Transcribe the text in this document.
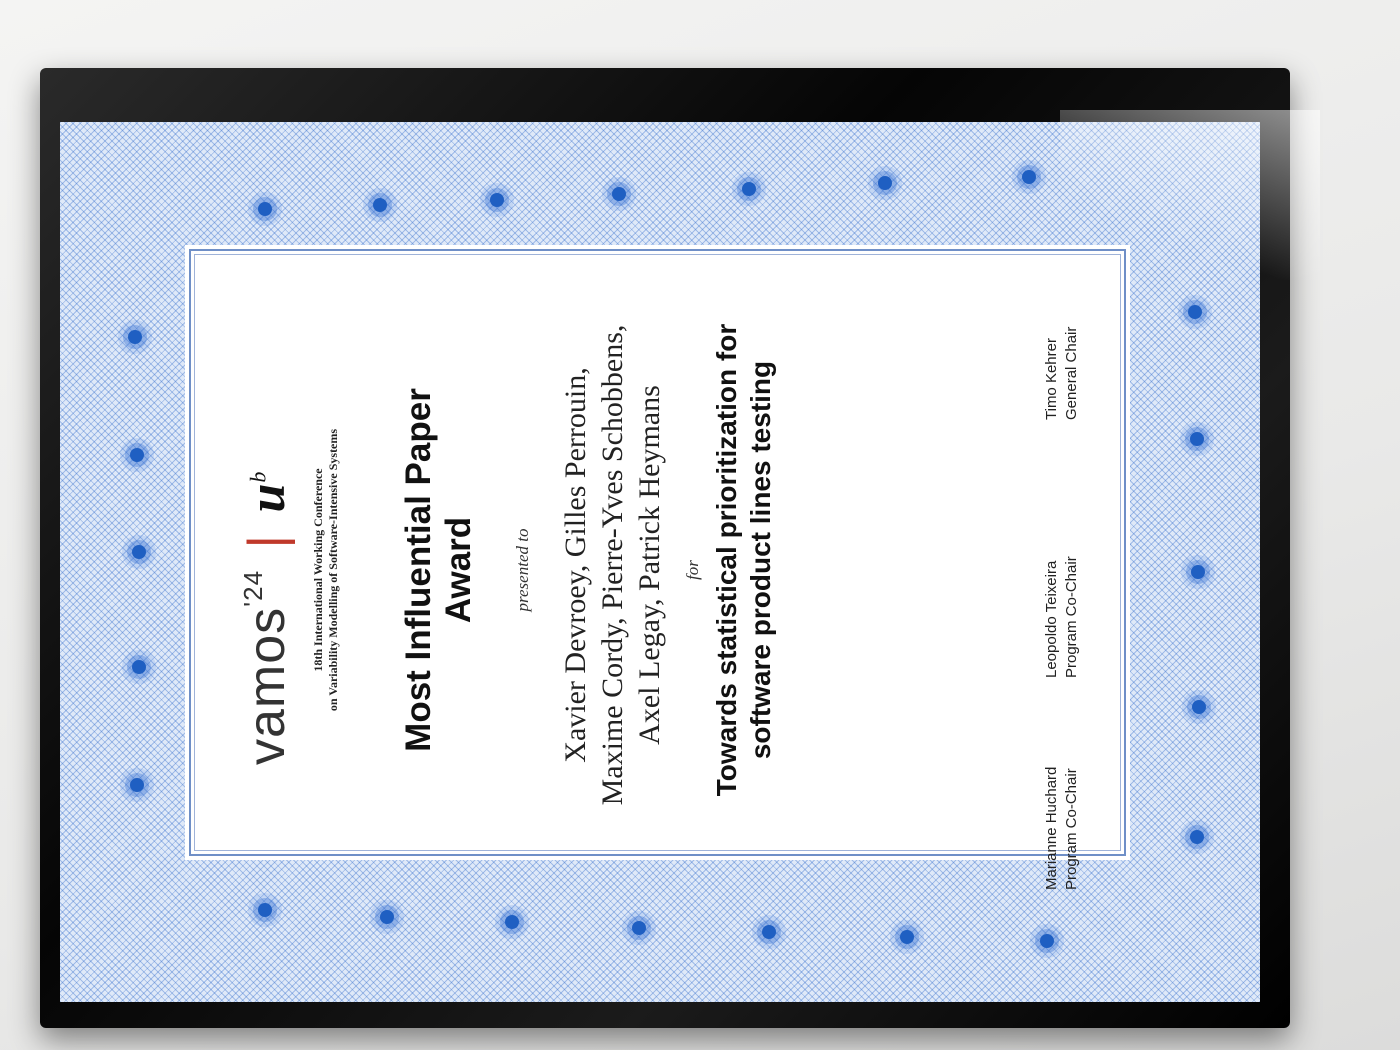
vamos$^{'24}$ | $u^b$	18th International Working Conference on Variability Modelling of Software-Intensive Systems Most Influential Paper Award presented to Xavier Devroey, Gilles Perrouin, Maxime Cordy, Pierre-Yves Schobbens, Axel Legay, Patrick Heymans for Towards statistical prioritization for software product lines testing
Marianne Huchard Program Co-Chair
Leopoldo Teixeira Program Co-Chair
Timo Kehrer General Chair
